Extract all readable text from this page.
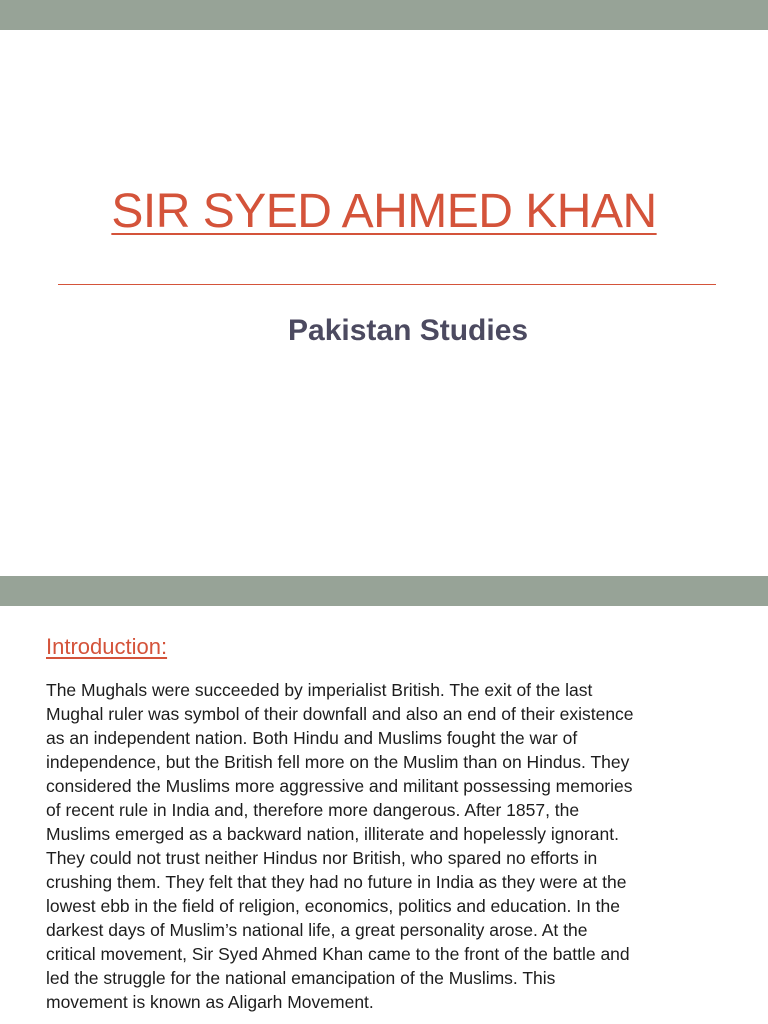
SIR SYED AHMED KHAN
Pakistan Studies
Introduction:
The Mughals were succeeded by imperialist British. The exit of the last
Mughal ruler was symbol of their downfall and also an end of their existence
as an independent nation. Both Hindu and Muslims fought the war of
independence, but the British fell more on the Muslim than on Hindus. They
considered the Muslims more aggressive and militant possessing memories
of recent rule in India and, therefore more dangerous. After 1857, the
Muslims emerged as a backward nation, illiterate and hopelessly ignorant.
They could not trust neither Hindus nor British, who spared no efforts in
crushing them. They felt that they had no future in India as they were at the
lowest ebb in the field of religion, economics, politics and education. In the
darkest days of Muslim’s national life, a great personality arose. At the
critical movement, Sir Syed Ahmed Khan came to the front of the battle and
led the struggle for the national emancipation of the Muslims. This
movement is known as Aligarh Movement.
